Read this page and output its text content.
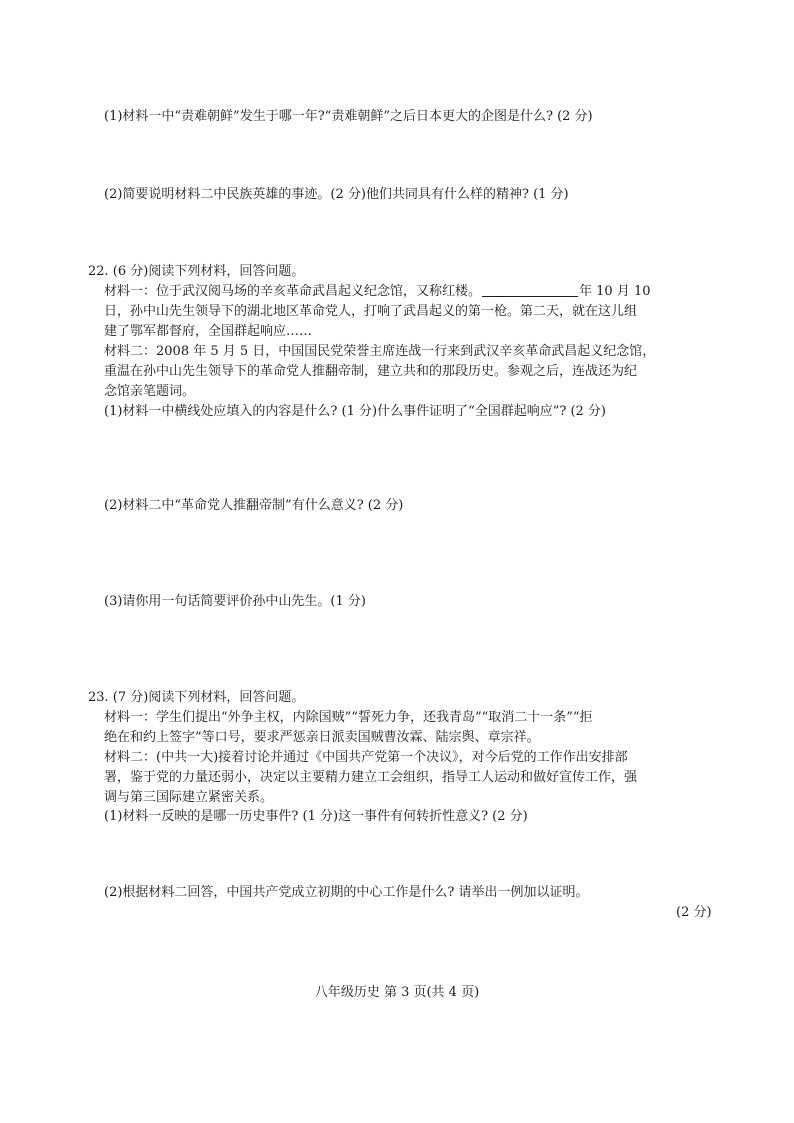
(1)材料一中“责难朝鲜”发生于哪一年?“责难朝鲜”之后日本更大的企图是什么? (2 分)
(2)简要说明材料二中民族英雄的事迹。(2 分)他们共同具有什么样的精神? (1 分)
22. (6 分)阅读下列材料，回答问题。
材料一：位于武汉阅马场的辛亥革命武昌起义纪念馆，又称红楼。	年 10 月 10
日，孙中山先生领导下的湖北地区革命党人，打响了武昌起义的第一枪。第二天，就在这儿组
建了鄂军都督府，全国群起响应……
材料二：2008 年 5 月 5 日，中国国民党荣誉主席连战一行来到武汉辛亥革命武昌起义纪念馆，
重温在孙中山先生领导下的革命党人推翻帝制，建立共和的那段历史。参观之后，连战还为纪
念馆亲笔题词。
(1)材料一中横线处应填入的内容是什么? (1 分)什么事件证明了“全国群起响应”? (2 分)
(2)材料二中“革命党人推翻帝制”有什么意义? (2 分)
(3)请你用一句话简要评价孙中山先生。(1 分)
23. (7 分)阅读下列材料，回答问题。
材料一：学生们提出“外争主权，内除国贼”“誓死力争，还我青岛”“取消二十一条”“拒
绝在和约上签字”等口号，要求严惩亲日派卖国贼曹汝霖、陆宗舆、章宗祥。
材料二：(中共一大)接着讨论并通过《中国共产党第一个决议》，对今后党的工作作出安排部
署，鉴于党的力量还弱小，决定以主要精力建立工会组织，指导工人运动和做好宣传工作，强
调与第三国际建立紧密关系。
(1)材料一反映的是哪一历史事件? (1 分)这一事件有何转折性意义? (2 分)
(2)根据材料二回答，中国共产党成立初期的中心工作是什么? 请举出一例加以证明。
(2 分)
八年级历史 第 3 页(共 4 页)
